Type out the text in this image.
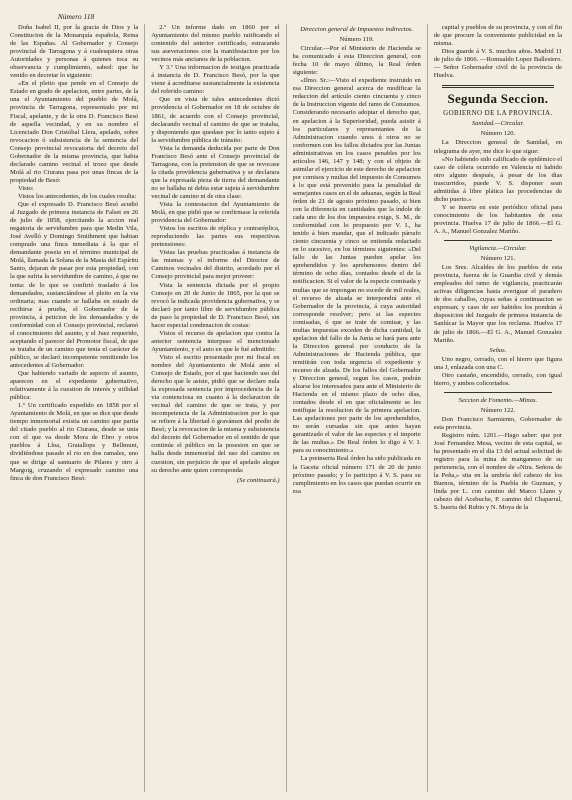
Número 118

Doña Isabel II, por la gracia de Dios y la Constitucion de la Monarquía española, Reina de las Españas. Al Gobernador y Consejo provincial de Tarragona y á cualesquiera otras Autoridades y personas á quienes toca su observancia y cumplimiento, sabed: que he venido en decretar lo siguiente:

«En el pleito que pende en el Consejo de Estado en grado de apelacion, entre partes, de la una el Ayuntamiento del pueblo de Molá, provincia de Tarragona, representado por mi Fiscal, apelante, y de la otra D. Francisco Besó de aquella vecindad, y en su nombre el Licenciado Don Cristóbal Llera, apelado, sobre revocacion ó subsistencia de la sentencia del Consejo provincial revocatoria del decreto del Gobernador de la misma provincia, que habia declarado camino vecinal el trozo que desde Molá al rio Ciurana pasa por unas fincas de la propiedad de Besó:

Visto:

Vistos los antecedentes, de los cuales resulta:

Que el expresado D. Francisco Besó acudió al Juzgado de primera instancia de Falset en 26 de julio de 1858, ejercitando la accion real negatoria de servidumbre para que Medin Vila, José Avelló y Domingo Smithment que habian comprado una finca inmediata á la que el demandante poseia en el término municipal de Molá, llamada la Solana de la Masia del Espíritu Santo, dejaran de pasar por esta propiedad, con la que sufria la servidumbre de camino, á que no tenia: de lo que se confirió traslado á los demandados, sustanciándose el pleito en la via ordinaria; mas cuando se hallaba en estado de recibirse á prueba, el Gobernador de la provincia, á peticion de los demandados y de conformidad con el Consejo provincial, reclamó el conocimiento del asunto, y el Juez requerido, aceptando el parecer del Promotor fiscal, de que se trataba de un camino que tenia el carácter de público, se declaró incompetente remitiendo los antecedentes al Gobernador:

Que habiendo variado de aspecto el asunto, aparecen en el expediente gubernativo, relativamente á la cuestion de interés y utilidad pública:

1.º Un certificado expedido en 1858 por el Ayuntamiento de Molá, en que se dice que desde tiempo inmemorial existia un camino que partia del citado pueblo al rio Ciurana, desde se unia con el que va desde Mora de Ebro y otros pueblos á Lloa, Gratallops y Bellmunt, dividiéndose pasado el rio en dos ramales, uno que se dirige al santuario de Pilares y otro á Margoig, cruzando el expresado camino una finca de don Francisco Besó:

2.º Un informe dado en 1860 por el Ayuntamiento del mismo pueblo ratificando el contenido del anterior certificado, estracando sus aseveraciones con la manifestacion por los vecinos más ancianos de la poblacion.

Y 3.º Una informacion de testigos practicada á instancia de D. Francisco Besó, por la que viene á acreditarse sustancialmente la existencia del referido camino:

Que en vista de tales antecedentes dictó providencia el Gobernador en 18 de octubre de 1861, de acuerdo con el Consejo provincial, declarando vecinal el camino de que se trataba, y disponiendo que quedase por lo tanto sujeto á la servidumbre pública de tránsito:

Vista la demanda deducida por parte de Don Francisco Besó ante el Consejo provincial de Tarragona, con la pretension de que se revocase la citada providencia gubernativa y se declarara que la expresada pieza de tierra del demandante no se hallaba ni debia estar sujeta á servidumbre vecinal de camino ni de otra clase:

Vista la contestacion del Ayuntamiento de Molá, en que pidió que se confirmase la referida providencia del Gobernador:

Vistos los escritos de réplica y contraréplica, reproduciendo las partes sus respectivas pretensiones:

Vistas las pruebas practicadas á instancia de las mismas y el informe del Director de Caminos vecinales del distrito, acordado por el Consejo provincial para mejor proveer:

Vista la sentencia dictada por el propio Consejo en 20 de Junio de 1865, por la que se revocó la indicada providencia gubernativa, y se declaró por tanto libre de servidumbre pública de paso la propiedad de D. Francisco Besó, sin hacer especial condenacion de costas:

Vistos el recurso de apelacion que contra la anterior sentencia interpuso el mencionado Ayuntamiento, y el auto en que le fué admitido:

Visto el escrito presentado por mi fiscal en nombre del Ayuntamiento de Molá ante el Consejo de Estado, por el que haciendo uso del derecho que le asiste, pidió que se declare nula la expresada sentencia por improcedencia de la via contenciosa en cuanto á la declaracion de vecinal del camino de que se trata, y por incompetencia de la Administracion por lo que se refiere á la libertad ó gravámen del predio de Besó; y la revocacion de la misma y subsistencia del decreto del Gobernador en el sentido de que continúe el público en la posesion en que se halla desde inmemorial del uso del camino en cuestion, sin perjuicio de que el apelado alegue su derecho ante quien corresponda:

(Se continuará.)

Direccion general de Impuestos indirectos.

Número 119.

Circular.—Por el Ministerio de Hacienda se ha comunicado á esta Direccion general, con fecha 10 de mayo último, la Real órden siguiente:

«Ilmo. Sr.:—Visto el expediente instruido en esa Direccion general acerca de modificar la redaccion del artículo ciento cincuenta y cinco de la Instruccion vigente del ramo de Consumos. Considerando necesario adoptar el derecho que, en apelacion á la Superioridad, pueda asistir á los particulares y representantes de la Administracion cuando unos ú otros no se conformen con los fallos dictados por las Juntas administrativas en los casos penables por los artículos 146, 147 y 148; y con el objeto de asimilar el ejercicio de este derecho de apelacion por comisos y multas del impuesto de Consumos á lo que está prevenido para la penalidad de semejantes casos en el de aduanas, según la Real órden de 21 de agosto próximo pasado, si bien con la diferencia en cantidades que la índole de cada uno de los dos impuestos exige, S. M., de conformidad con lo propuesto por V. I., ha tenido á bien mandar, que el indicado párrafo ciento cincuenta y cinco se entienda redactado en lo sucesivo, en los términos siguientes: «Del fallo de las Juntas pueden apelar los aprehendidos y los aprehensores dentro del término de ocho días, contados desde el de la notificacion. Si el valor de la especie comisada y multas que se impongan no escede de mil reales, el recurso de alzada se interpondrá ante el Gobernador de la provincia, á cuya autoridad corresponde resolver; pero si las especies comisadas, ó que se trate de comisar, y las multas impuestas exceden de dicha cantidad, la apelacion del fallo de la Junta se hará para ante la Direccion general por conducto de la Administraciones de Hacienda pública, que remitirán con toda urgencia el expediente y recurso de alzada. De los fallos del Gobernador y Direccion general, segun los casos, podrán alzarse los interesados para ante el Ministerio de Hacienda en el mismo plazo de ocho días, contados desde el en que oficialmente se les notifique la resolucion de la primera apelacion. Las apelaciones por parte de los aprehendidos, no serán cursadas sin que antes hayan garantizado el valor de las especies y el importe de las multas.» De Real órden lo digo á V. I. para su conocimiento.»

La preinserta Real órden ha sido publicada en la Gaceta oficial número 171 de 20 de junio próximo pasado; y lo participo á V. S. para su cumplimiento en los casos que puedan ocurrir en esa

capital y pueblos de su provincia, y con el fin de que procure la conveniente publicidad en la misma.

Dios guarde á V. S. muchos años. Madrid 11 de julio de 1866. —Romualdo Lopez Ballestero.— Señor Gobernador civil de la provincia de Huelva.

Segunda Seccion.

GOBIERNO DE LA PROVINCIA.

Sanidad.—Circular.

Número 120.

La Direccion general de Sanidad, en telegrama de ayer, me dice lo que sigue:

«No habiendo sido calificado de epidémico el caso de cólera ocurrido en Valencia ni habido otro alguno después, á pesar de los dias trascurridos, puede V. S. disponer sean admitidas á libre plática las procedencias de dicho puerto.»

Y se inserta en este periódico oficial para conocimiento de los habitantes de esta provincia. Huelva 17 de julio de 1866.—El G. A. A., Manuel Gonzalez Mariño.

Vigilancia.—Circular.

Número 121.

Los Sres. Alcaldes de los pueblos de esta provincia, fuerza de la Guardia civil y demás empleados del ramo de vigilancia, practicarán activas diligencias hasta averiguar el paradero de dos caballos, cuyas señas á continuacion se expresan; y caso de ser habidos los pondrán á disposicion del Juzgado de primera instancia de Sanlúcar la Mayor que los reclama. Huelva 17 de julio de 1866.—El G. A., Manuel Gonzalez Mariño.

Señas.

Uno negro, cerrado, con el hierro que figura una J, enlazada con una C.

Otro castaño, encendido, cerrado, con igual hierro, y ambos colicortados.

Seccion de Fomento.—Minas.

Número 122.

Don Francisco Sarmiento, Gobernador de esta provincia.

Registro núm. 1201.—Hago saber: que por José Fernandez Mesa, vecino de esta capital, se ha presentado en el dia 13 del actual solicitud de registro para la mina de manganeso de su pertenencia, con el nombre de «Ntra. Señora de la Peña,» sita en la umbría del cabezo de los Buenos, término de la Puebla de Guzman, y linda por L. con camino del Marco Llano y cabezo del Acebuche, P. camino del Chaparral, S. huerta del Rubio y N. Moya de la
